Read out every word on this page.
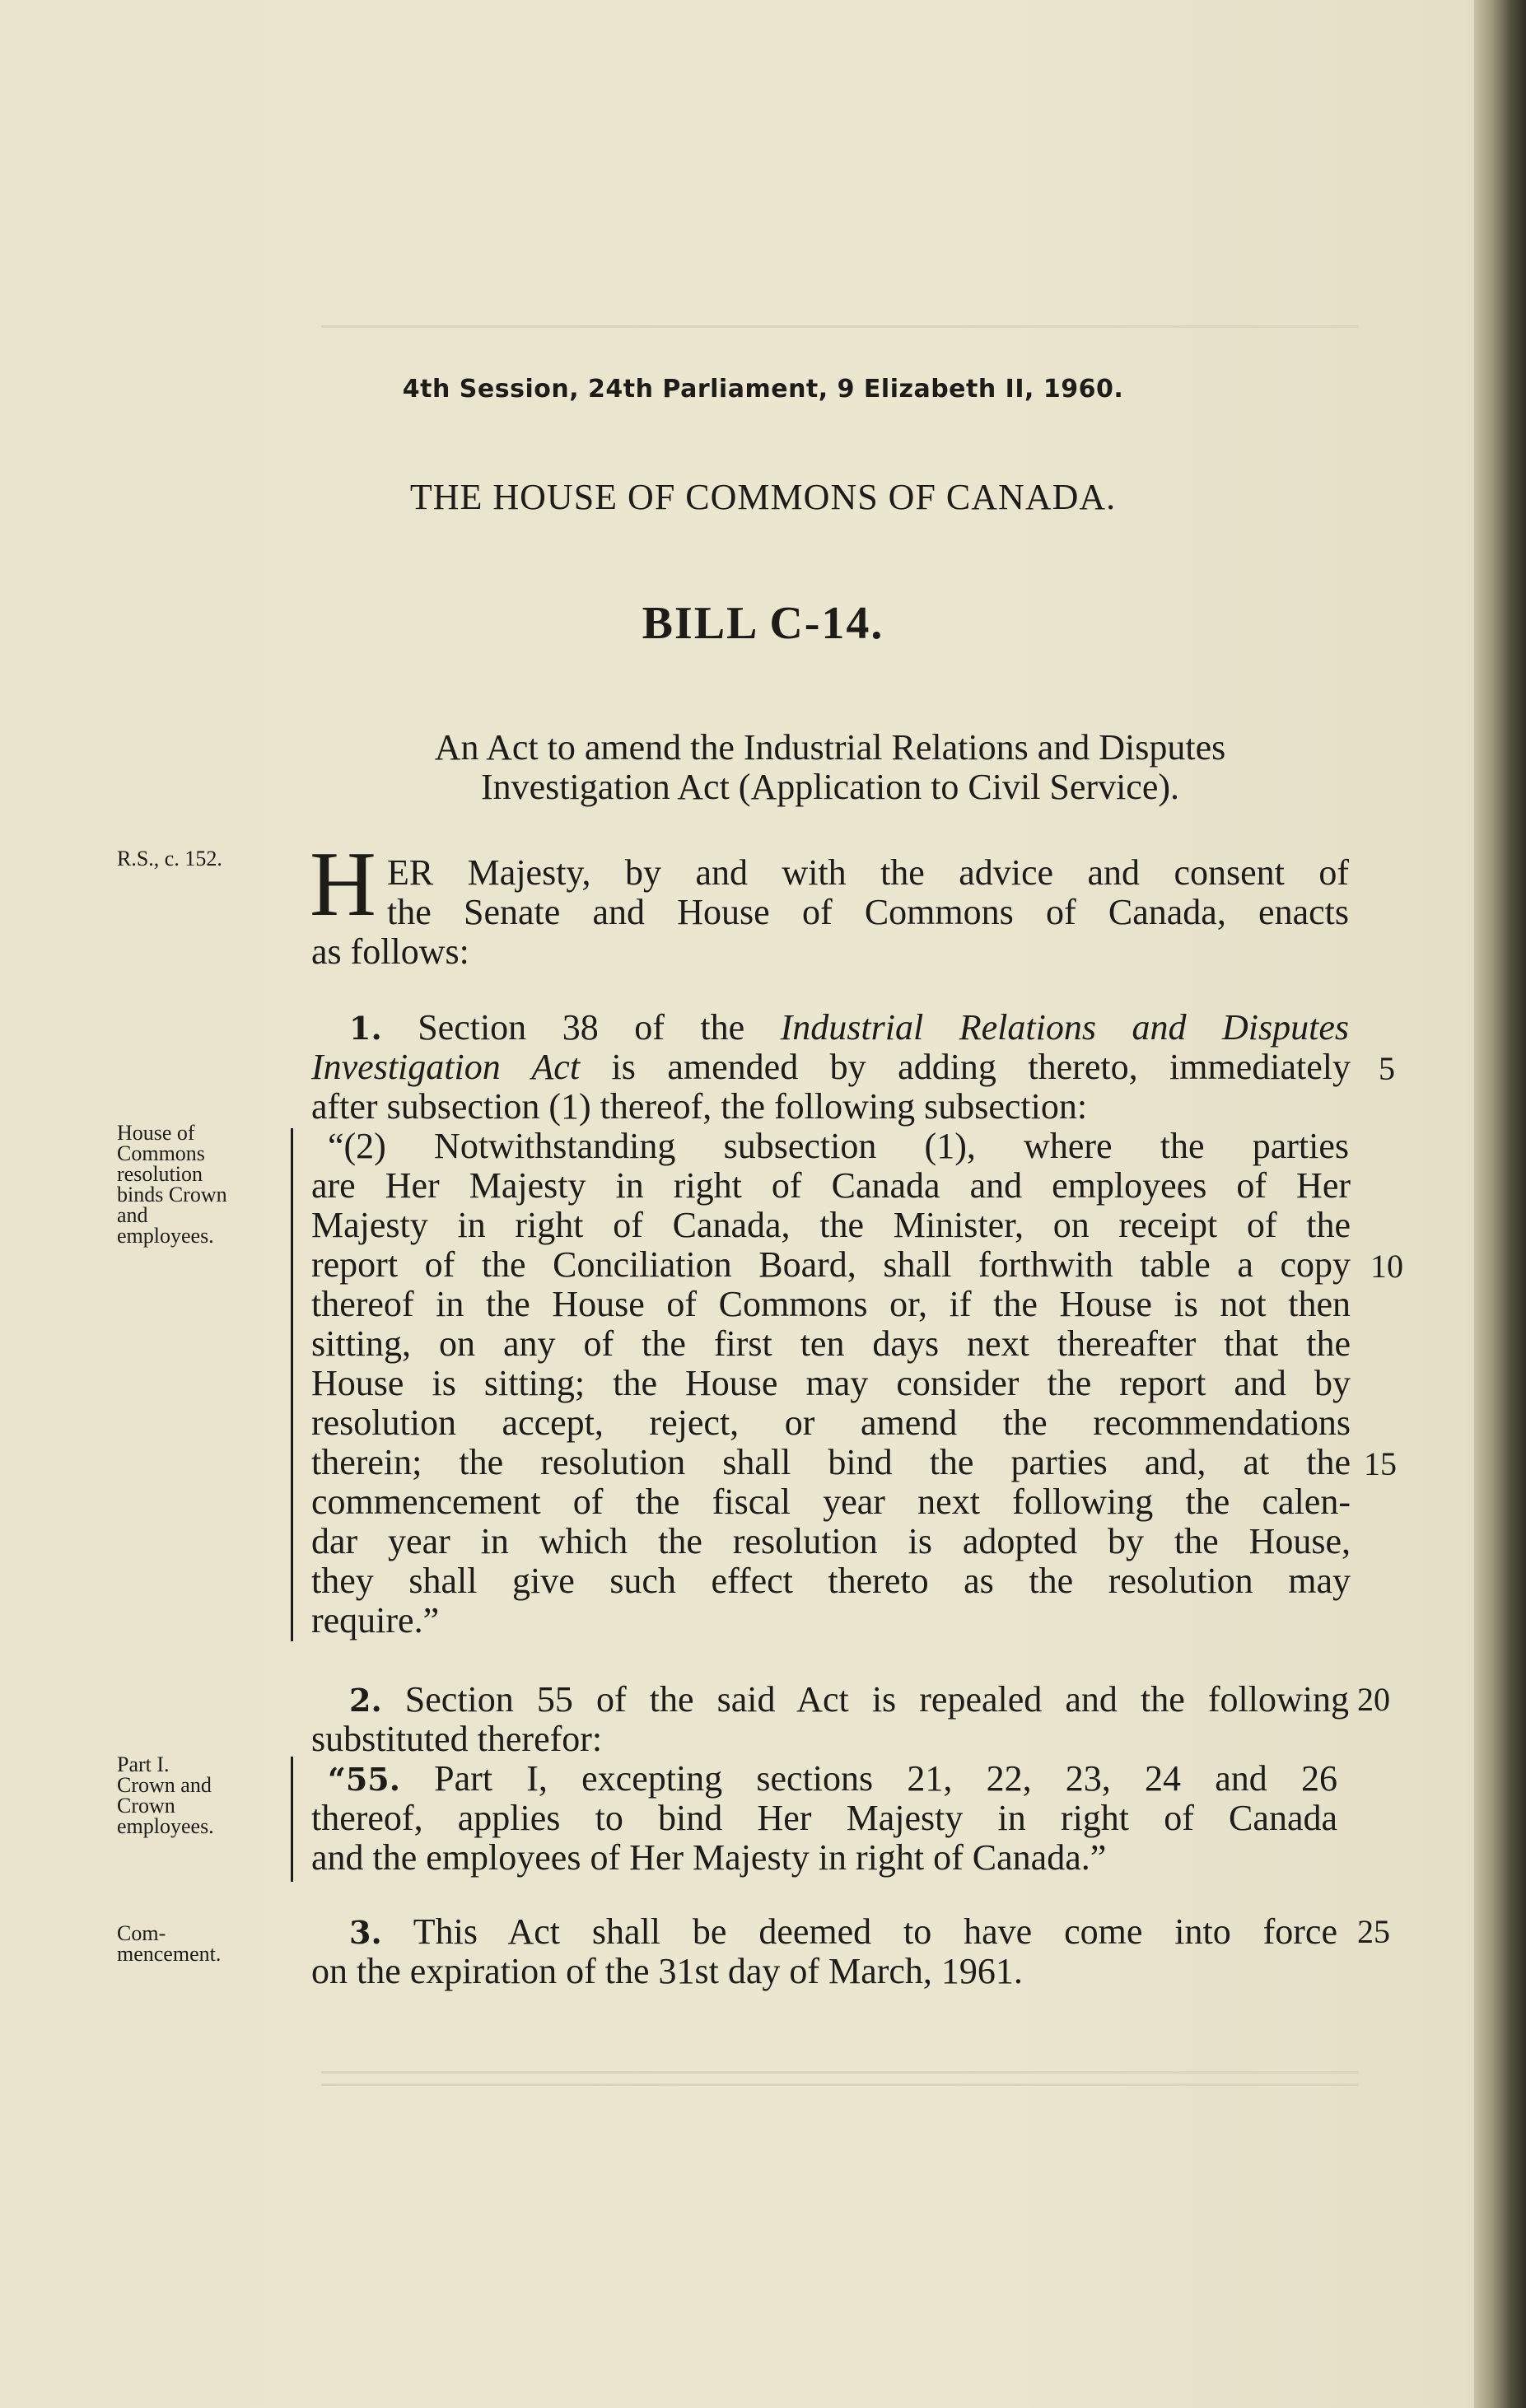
4th Session, 24th Parliament, 9 Elizabeth II, 1960.
THE HOUSE OF COMMONS OF CANADA.
BILL C-14.
An Act to amend the Industrial Relations and Disputes
Investigation Act (Application to Civil Service).
R.S., c. 152.
House of
Commons
resolution
binds Crown
and
employees.
Part I.
Crown and
Crown
employees.
Com-
mencement.
H ER Majesty, by and with the advice and consent of
the Senate and House of Commons of Canada, enacts
as follows:
1. Section 38 of the Industrial Relations and Disputes
Investigation Act is amended by adding thereto, immediately
after subsection (1) thereof, the following subsection:
“(2) Notwithstanding subsection (1), where the parties
are Her Majesty in right of Canada and employees of Her
Majesty in right of Canada, the Minister, on receipt of the
report of the Conciliation Board, shall forthwith table a copy
thereof in the House of Commons or, if the House is not then
sitting, on any of the first ten days next thereafter that the
House is sitting; the House may consider the report and by
resolution accept, reject, or amend the recommendations
therein; the resolution shall bind the parties and, at the
commencement of the fiscal year next following the calen-
dar year in which the resolution is adopted by the House,
they shall give such effect thereto as the resolution may
require.”
2. Section 55 of the said Act is repealed and the following
substituted therefor:
“55. Part I, excepting sections 21, 22, 23, 24 and 26
thereof, applies to bind Her Majesty in right of Canada
and the employees of Her Majesty in right of Canada.”
3. This Act shall be deemed to have come into force
on the expiration of the 31st day of March, 1961.
5
10
15
20
25
